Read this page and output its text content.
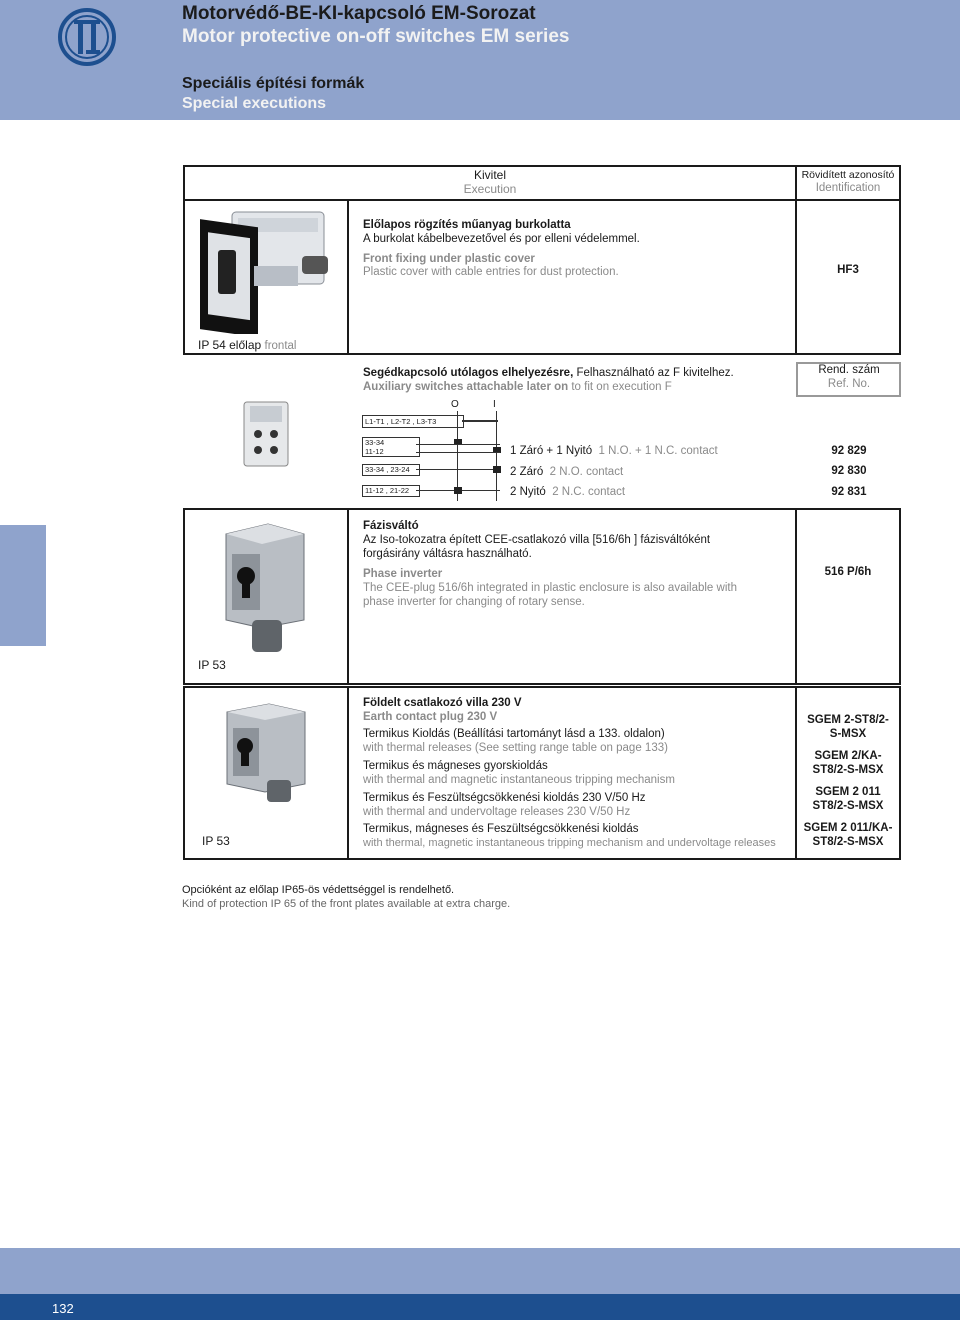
Motorvédő-BE-KI-kapcsoló EM-Sorozat
Motor protective on-off switches EM series
Speciális építési formák
Special executions
Kivitel
Execution
Rövidített azonosító
Identification
Előlapos rögzítés műanyag burkolatta
A burkolat kábelbevezetővel és por elleni védelemmel.
Front fixing under plastic cover
Plastic cover with cable entries for dust protection.	HF3
IP 54 előlap frontal
Segédkapcsoló utólagos elhelyezésre, Felhasználható az F kivitelhez.
Auxiliary switches attachable later on to fit on execution F
Rend. szám
Ref. No.
O	I
L1-T1 , L2-T2 , L3-T3
33-34
11-12
33-34 , 23-24
11-12 , 21-22
1 Záró + 1 Nyitó 1 N.O. + 1 N.C. contact
2 Záró 2 N.O. contact
2 Nyitó 2 N.C. contact
92 829
92 830
92 831
Fázisváltó
Az Iso-tokozatra épített CEE-csatlakozó villa [516/6h ] fázisváltóként
forgásirány váltásra használható.
Phase inverter
The CEE-plug 516/6h integrated in plastic enclosure is also available with
phase inverter for changing of rotary sense.
516 P/6h
IP 53
IP 53
Földelt csatlakozó villa 230 V
Earth contact plug 230 V
Termikus Kioldás (Beállítási tartományt lásd a 133. oldalon)
with thermal releases (See setting range table on page 133)
Termikus és mágneses gyorskioldás
with thermal and magnetic instantaneous tripping mechanism
Termikus és Feszültségcsökkenési kioldás 230 V/50 Hz
with thermal and undervoltage releases 230 V/50 Hz
Termikus, mágneses és Feszültségcsökkenési kioldás
with thermal, magnetic instantaneous tripping mechanism and undervoltage releases
SGEM 2-ST8/2-
S-MSX
SGEM 2/KA-
ST8/2-S-MSX
SGEM 2 011
ST8/2-S-MSX
SGEM 2 011/KA-
ST8/2-S-MSX
Opcióként az előlap IP65-ös védettséggel is rendelhető.
Kind of protection IP 65 of the front plates available at extra charge.
132
